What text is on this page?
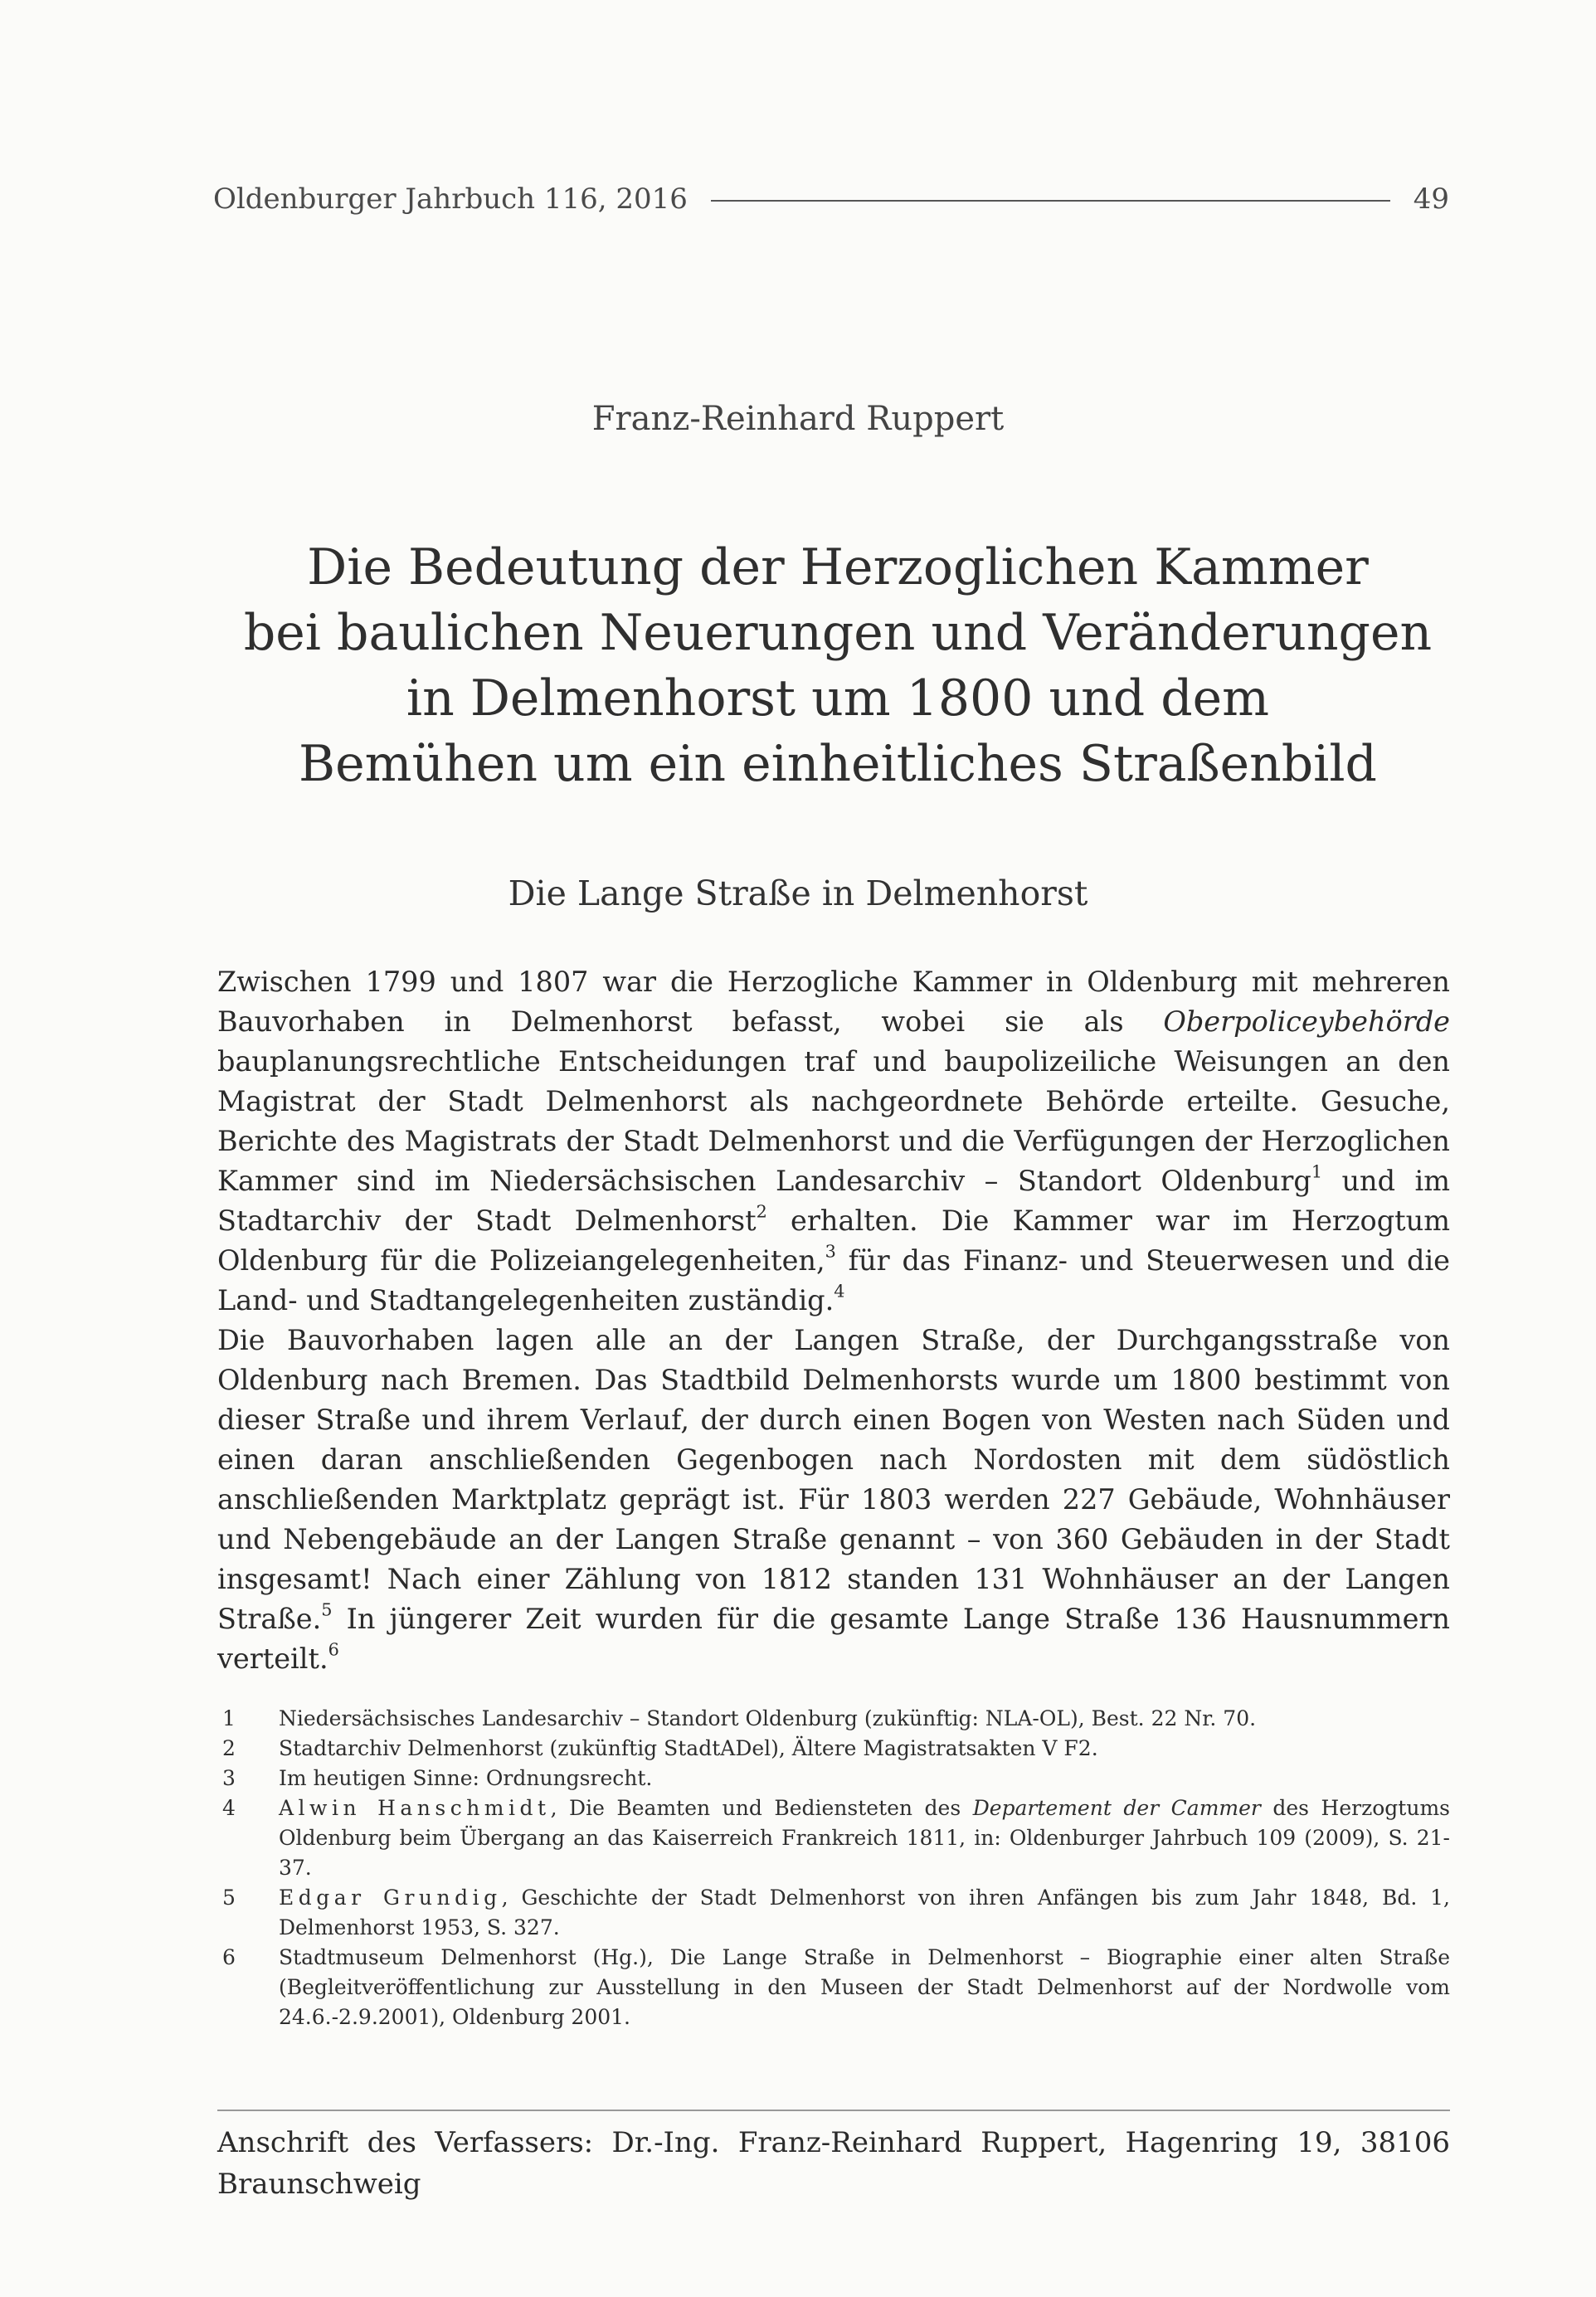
Oldenburger Jahrbuch 116, 2016	49
Franz-Reinhard Ruppert
Die Bedeutung der Herzoglichen Kammer
bei baulichen Neuerungen und Veränderungen
in Delmenhorst um 1800 und dem
Bemühen um ein einheitliches Straßenbild
Die Lange Straße in Delmenhorst

Zwischen 1799 und 1807 war die Herzogliche Kammer in Oldenburg mit mehreren Bauvorhaben in Delmenhorst befasst, wobei sie als Oberpoliceybehörde bauplanungsrechtliche Entscheidungen traf und baupolizeiliche Weisungen an den Magistrat der Stadt Delmenhorst als nachgeordnete Behörde erteilte. Gesuche, Berichte des Magistrats der Stadt Delmenhorst und die Verfügungen der Herzoglichen Kammer sind im Niedersächsischen Landesarchiv – Standort Oldenburg$^1$ und im Stadtarchiv der Stadt Delmenhorst$^2$ erhalten. Die Kammer war im Herzogtum Oldenburg für die Polizeiangelegenheiten,$^3$ für das Finanz- und Steuerwesen und die Land- und Stadtangelegenheiten zuständig.$^4$

Die Bauvorhaben lagen alle an der Langen Straße, der Durchgangsstraße von Oldenburg nach Bremen. Das Stadtbild Delmenhorsts wurde um 1800 bestimmt von dieser Straße und ihrem Verlauf, der durch einen Bogen von Westen nach Süden und einen daran anschließenden Gegenbogen nach Nordosten mit dem südöstlich anschließenden Marktplatz geprägt ist. Für 1803 werden 227 Gebäude, Wohnhäuser und Nebengebäude an der Langen Straße genannt – von 360 Gebäuden in der Stadt insgesamt! Nach einer Zählung von 1812 standen 131 Wohnhäuser an der Langen Straße.$^5$ In jüngerer Zeit wurden für die gesamte Lange Straße 136 Hausnummern verteilt.$^6$

1	Niedersächsisches Landesarchiv – Standort Oldenburg (zukünftig: NLA-OL), Best. 22 Nr. 70.
2	Stadtarchiv Delmenhorst (zukünftig StadtADel), Ältere Magistratsakten V F2.
3	Im heutigen Sinne: Ordnungsrecht.
4	Alwin Hanschmidt, Die Beamten und Bediensteten des Departement der Cammer des Herzogtums Oldenburg beim Übergang an das Kaiserreich Frankreich 1811, in: Oldenburger Jahrbuch 109 (2009), S. 21-37.
5	Edgar Grundig, Geschichte der Stadt Delmenhorst von ihren Anfängen bis zum Jahr 1848, Bd. 1, Delmenhorst 1953, S. 327.
6	Stadtmuseum Delmenhorst (Hg.), Die Lange Straße in Delmenhorst – Biographie einer alten Straße (Begleitveröffentlichung zur Ausstellung in den Museen der Stadt Delmenhorst auf der Nordwolle vom 24.6.-2.9.2001), Oldenburg 2001.
Anschrift des Verfassers: Dr.-Ing. Franz-Reinhard Ruppert, Hagenring 19, 38106 Braunschweig
